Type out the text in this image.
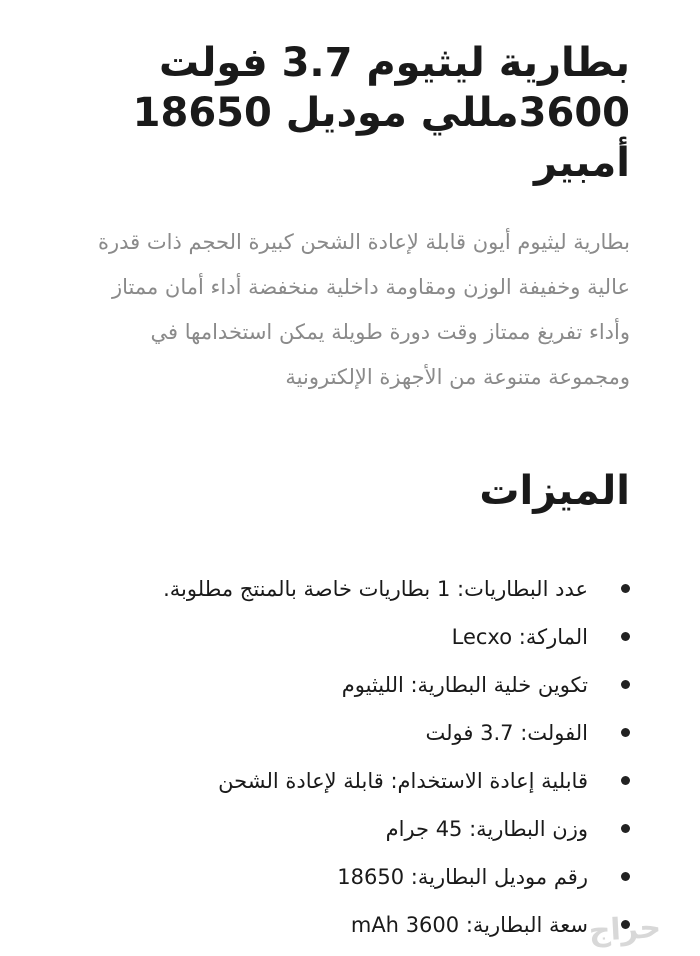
بطارية ليثيوم 3.7 فولت 3600مللي موديل 18650 أمبير

بطارية ليثيوم أيون قابلة لإعادة الشحن كبيرة الحجم ذات قدرة عالية وخفيفة الوزن ومقاومة داخلية منخفضة أداء أمان ممتاز وأداء تفريغ ممتاز وقت دورة طويلة يمكن استخدامها في ومجموعة متنوعة من الأجهزة الإلكترونية

الميزات
عدد البطاريات: 1 بطاريات خاصة بالمنتج مطلوبة.
الماركة: Lecxo
تكوين خلية البطارية: الليثيوم
الفولت: 3.7 فولت
قابلية إعادة الاستخدام: قابلة لإعادة الشحن
وزن البطارية: 45 جرام
رقم موديل البطارية: 18650
سعة البطارية: 3600 mAh حراج
